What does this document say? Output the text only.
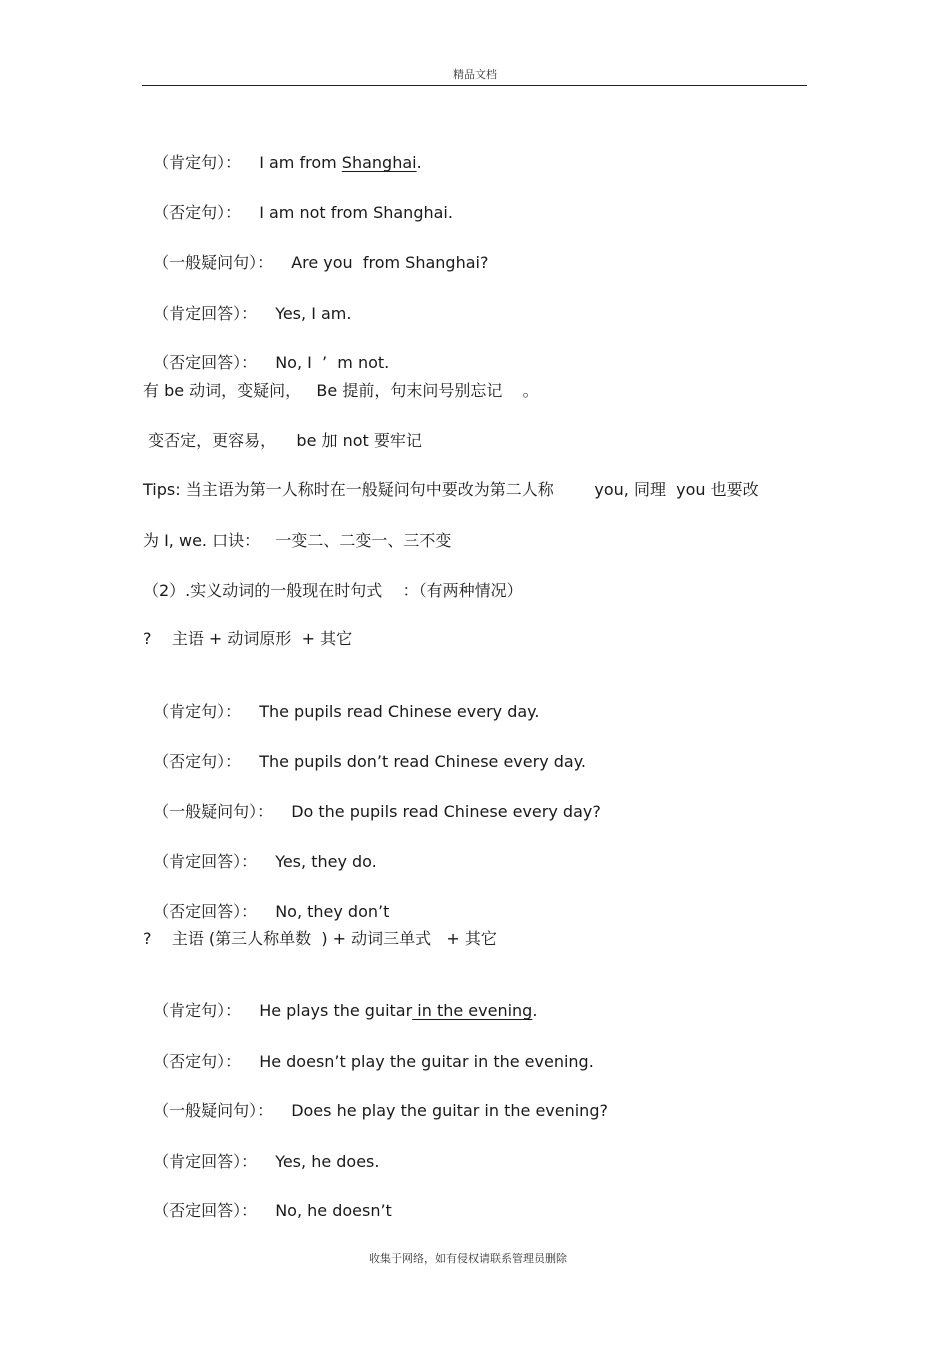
精品文档

（肯定句）： I am from Shanghai.

（否定句）： I am not from Shanghai.

（一般疑问句）： Are you  from Shanghai?

（肯定回答）： Yes, I am.

（否定回答）： No, I  ’  m not.

有 be 动词，变疑问，   Be 提前，句末问号别忘记    。
变否定，更容易，    be 加 not 要牢记
Tips: 当主语为第一人称时在一般疑问句中要改为第二人称        you, 同理  you 也要改
为 I, we. 口诀：   一变二、二变一、三不变
（2）.实义动词的一般现在时句式    ：（有两种情况）
?    主语 + 动词原形  + 其它

（肯定句）： The pupils read Chinese every day.

（否定句）： The pupils don’t read Chinese every day.

（一般疑问句）： Do the pupils read Chinese every day?

（肯定回答）： Yes, they do.

（否定回答）： No, they don’t

?    主语 (第三人称单数  ) + 动词三单式   + 其它

（肯定句）： He plays the guitar in the evening.

（否定句）： He doesn’t play the guitar in the evening.

（一般疑问句）： Does he play the guitar in the evening?

（肯定回答）： Yes, he does.

（否定回答）： No, he doesn’t

收集于网络，如有侵权请联系管理员删除
